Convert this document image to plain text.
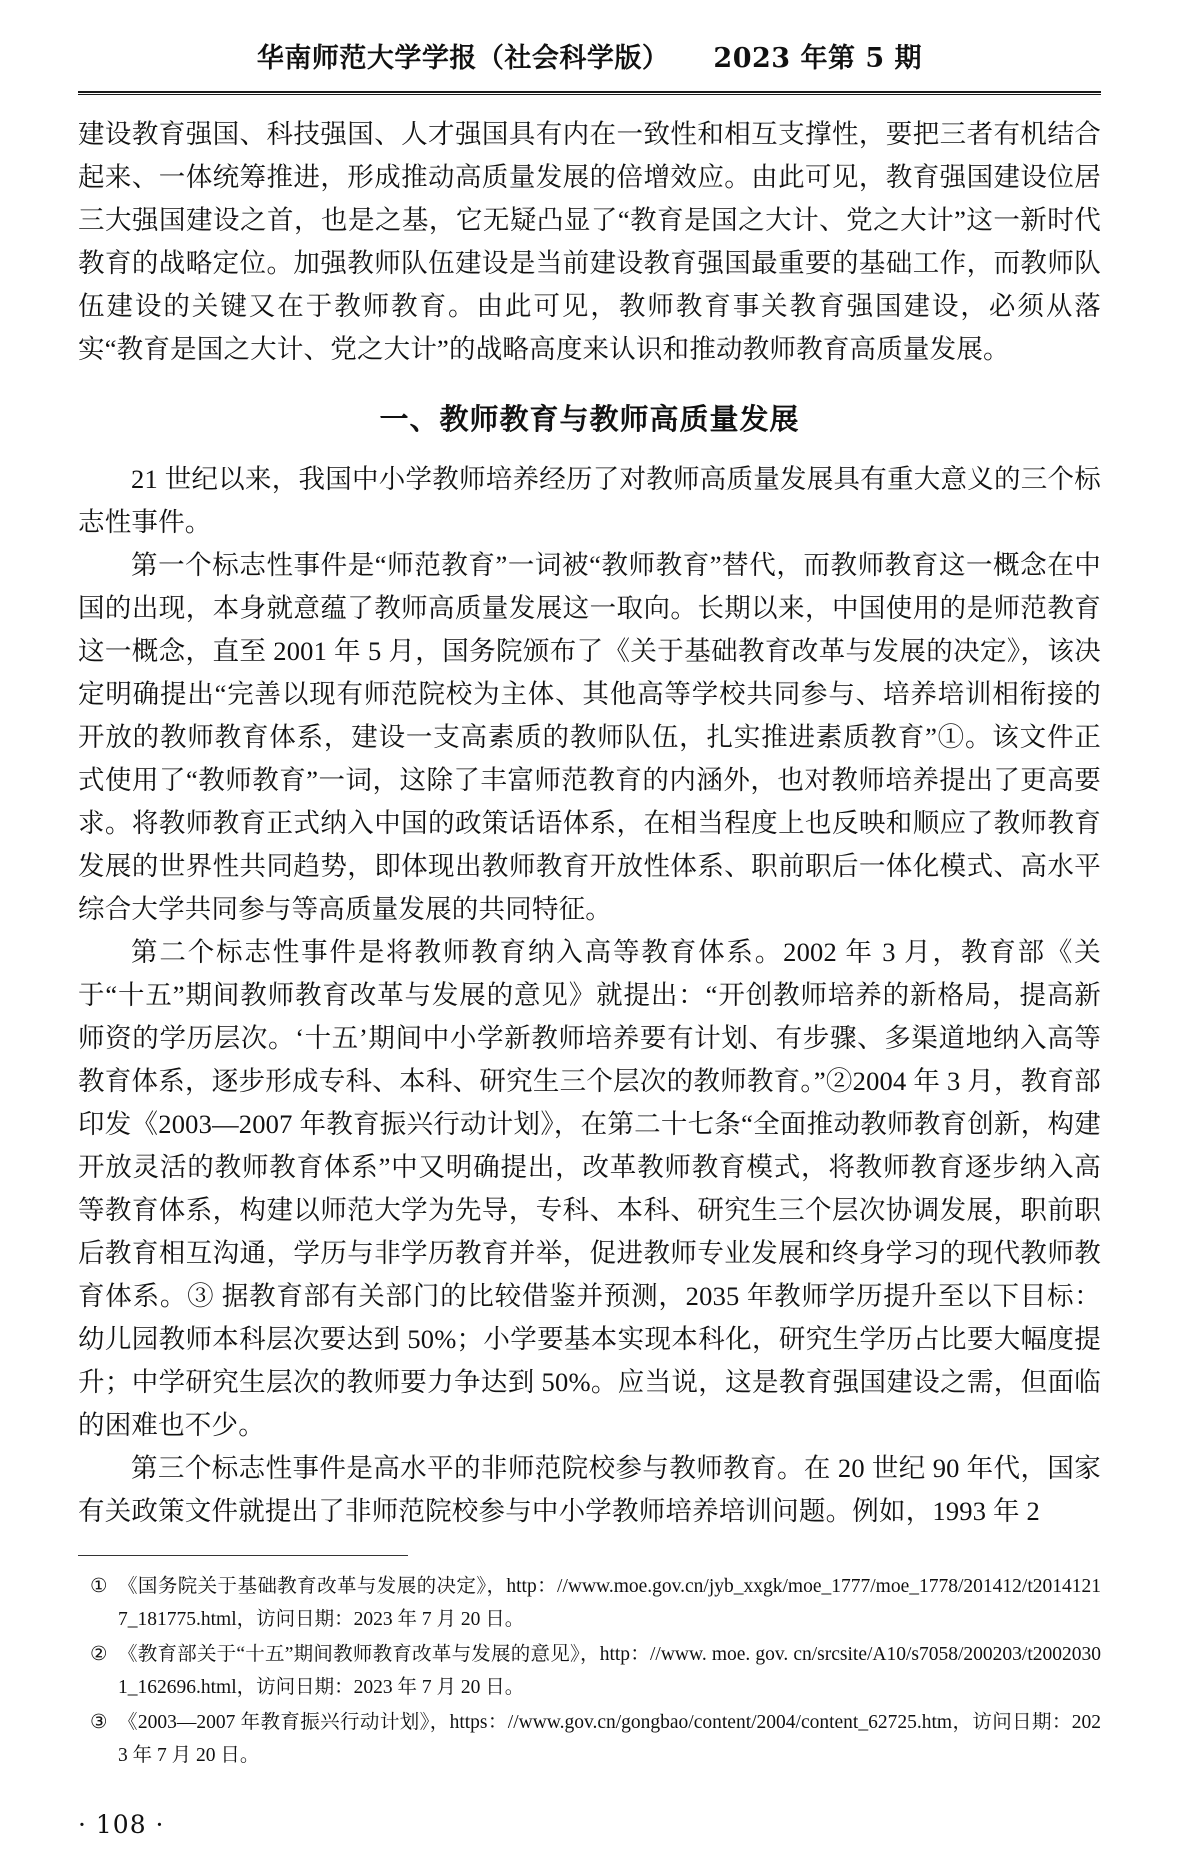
华南师范大学学报（社会科学版） 2023 年第 5 期

建设教育强国、科技强国、人才强国具有内在一致性和相互支撑性，要把三者有机结合起来、一体统筹推进，形成推动高质量发展的倍增效应。由此可见，教育强国建设位居三大强国建设之首，也是之基，它无疑凸显了“教育是国之大计、党之大计”这一新时代教育的战略定位。加强教师队伍建设是当前建设教育强国最重要的基础工作，而教师队伍建设的关键又在于教师教育。由此可见，教师教育事关教育强国建设，必须从落实“教育是国之大计、党之大计”的战略高度来认识和推动教师教育高质量发展。

一、教师教育与教师高质量发展

21 世纪以来，我国中小学教师培养经历了对教师高质量发展具有重大意义的三个标志性事件。

第一个标志性事件是“师范教育”一词被“教师教育”替代，而教师教育这一概念在中国的出现，本身就意蕴了教师高质量发展这一取向。长期以来，中国使用的是师范教育这一概念，直至 2001 年 5 月，国务院颁布了《关于基础教育改革与发展的决定》，该决定明确提出“完善以现有师范院校为主体、其他高等学校共同参与、培养培训相衔接的开放的教师教育体系，建设一支高素质的教师队伍，扎实推进素质教育”①。该文件正式使用了“教师教育”一词，这除了丰富师范教育的内涵外，也对教师培养提出了更高要求。将教师教育正式纳入中国的政策话语体系，在相当程度上也反映和顺应了教师教育发展的世界性共同趋势，即体现出教师教育开放性体系、职前职后一体化模式、高水平综合大学共同参与等高质量发展的共同特征。

第二个标志性事件是将教师教育纳入高等教育体系。2002 年 3 月，教育部《关于“十五”期间教师教育改革与发展的意见》就提出：“开创教师培养的新格局，提高新师资的学历层次。‘十五’期间中小学新教师培养要有计划、有步骤、多渠道地纳入高等教育体系，逐步形成专科、本科、研究生三个层次的教师教育。”②2004 年 3 月，教育部印发《2003—2007 年教育振兴行动计划》，在第二十七条“全面推动教师教育创新，构建开放灵活的教师教育体系”中又明确提出，改革教师教育模式，将教师教育逐步纳入高等教育体系，构建以师范大学为先导，专科、本科、研究生三个层次协调发展，职前职后教育相互沟通，学历与非学历教育并举，促进教师专业发展和终身学习的现代教师教育体系。③ 据教育部有关部门的比较借鉴并预测，2035 年教师学历提升至以下目标：幼儿园教师本科层次要达到 50%；小学要基本实现本科化，研究生学历占比要大幅度提升；中学研究生层次的教师要力争达到 50%。应当说，这是教育强国建设之需，但面临的困难也不少。

第三个标志性事件是高水平的非师范院校参与教师教育。在 20 世纪 90 年代，国家有关政策文件就提出了非师范院校参与中小学教师培养培训问题。例如，1993 年 2

① 《国务院关于基础教育改革与发展的决定》，http：//www.moe.gov.cn/jyb_xxgk/moe_1777/moe_1778/201412/t20141217_181775.html，访问日期：2023 年 7 月 20 日。
② 《教育部关于“十五”期间教师教育改革与发展的意见》，http：//www. moe. gov. cn/srcsite/A10/s7058/200203/t20020301_162696.html，访问日期：2023 年 7 月 20 日。
③ 《2003—2007 年教育振兴行动计划》，https：//www.gov.cn/gongbao/content/2004/content_62725.htm，访问日期：2023 年 7 月 20 日。
· 108 ·
